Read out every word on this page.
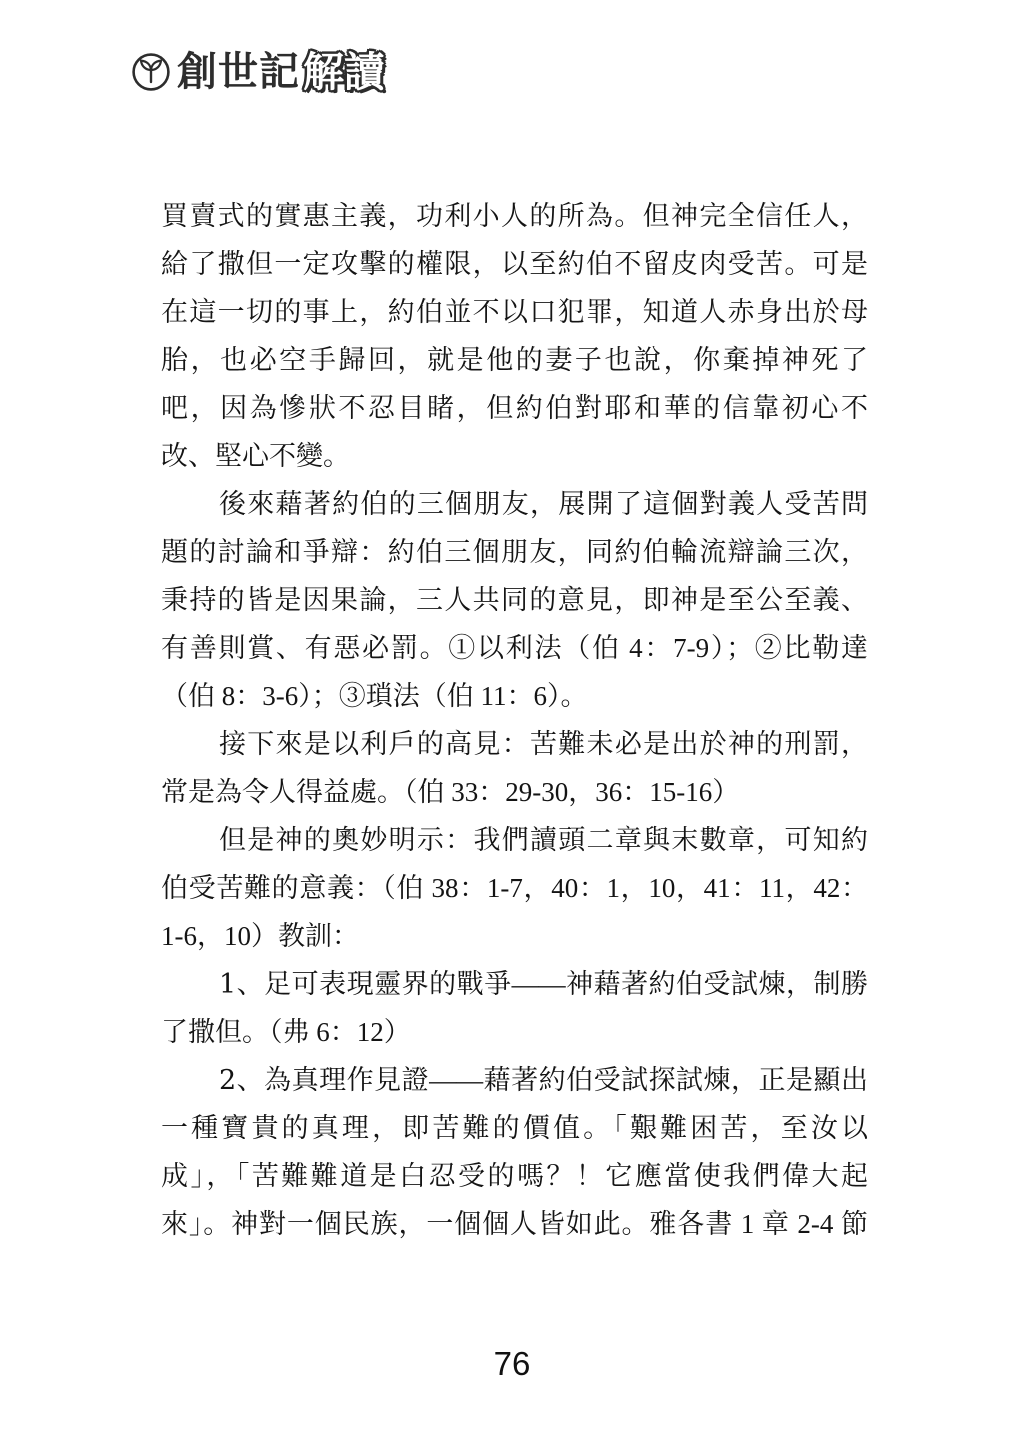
創世記 解讀
買賣式的實惠主義，功利小人的所為。但神完全信任人，
給了撒但一定攻擊的權限，以至約伯不留皮肉受苦。可是
在這一切的事上，約伯並不以口犯罪，知道人赤身出於母
胎，也必空手歸回，就是他的妻子也說，你棄掉神死了
吧，因為慘狀不忍目睹，但約伯對耶和華的信靠初心不
改、堅心不變。
後來藉著約伯的三個朋友，展開了這個對義人受苦問
題的討論和爭辯：約伯三個朋友，同約伯輪流辯論三次，
秉持的皆是因果論，三人共同的意見，即神是至公至義、
有善則賞、有惡必罰。①以利法（伯 4：7-9）；②比勒達
（伯 8：3-6）；③瑣法（伯 11：6）。
接下來是以利戶的高見：苦難未必是出於神的刑罰，
常是為令人得益處。（伯 33：29-30，36：15-16）
但是神的奧妙明示：我們讀頭二章與末數章，可知約
伯受苦難的意義：（伯 38：1-7，40：1，10，41：11，42：
1-6，10）教訓：
1、足可表現靈界的戰爭——神藉著約伯受試煉，制勝
了撒但。（弗 6：12）
2、為真理作見證——藉著約伯受試探試煉，正是顯出
一種寶貴的真理，即苦難的價值。「艱難困苦，至汝以
成」，「苦難難道是白忍受的嗎？！它應當使我們偉大起
來」。神對一個民族，一個個人皆如此。雅各書 1 章 2-4 節
76
